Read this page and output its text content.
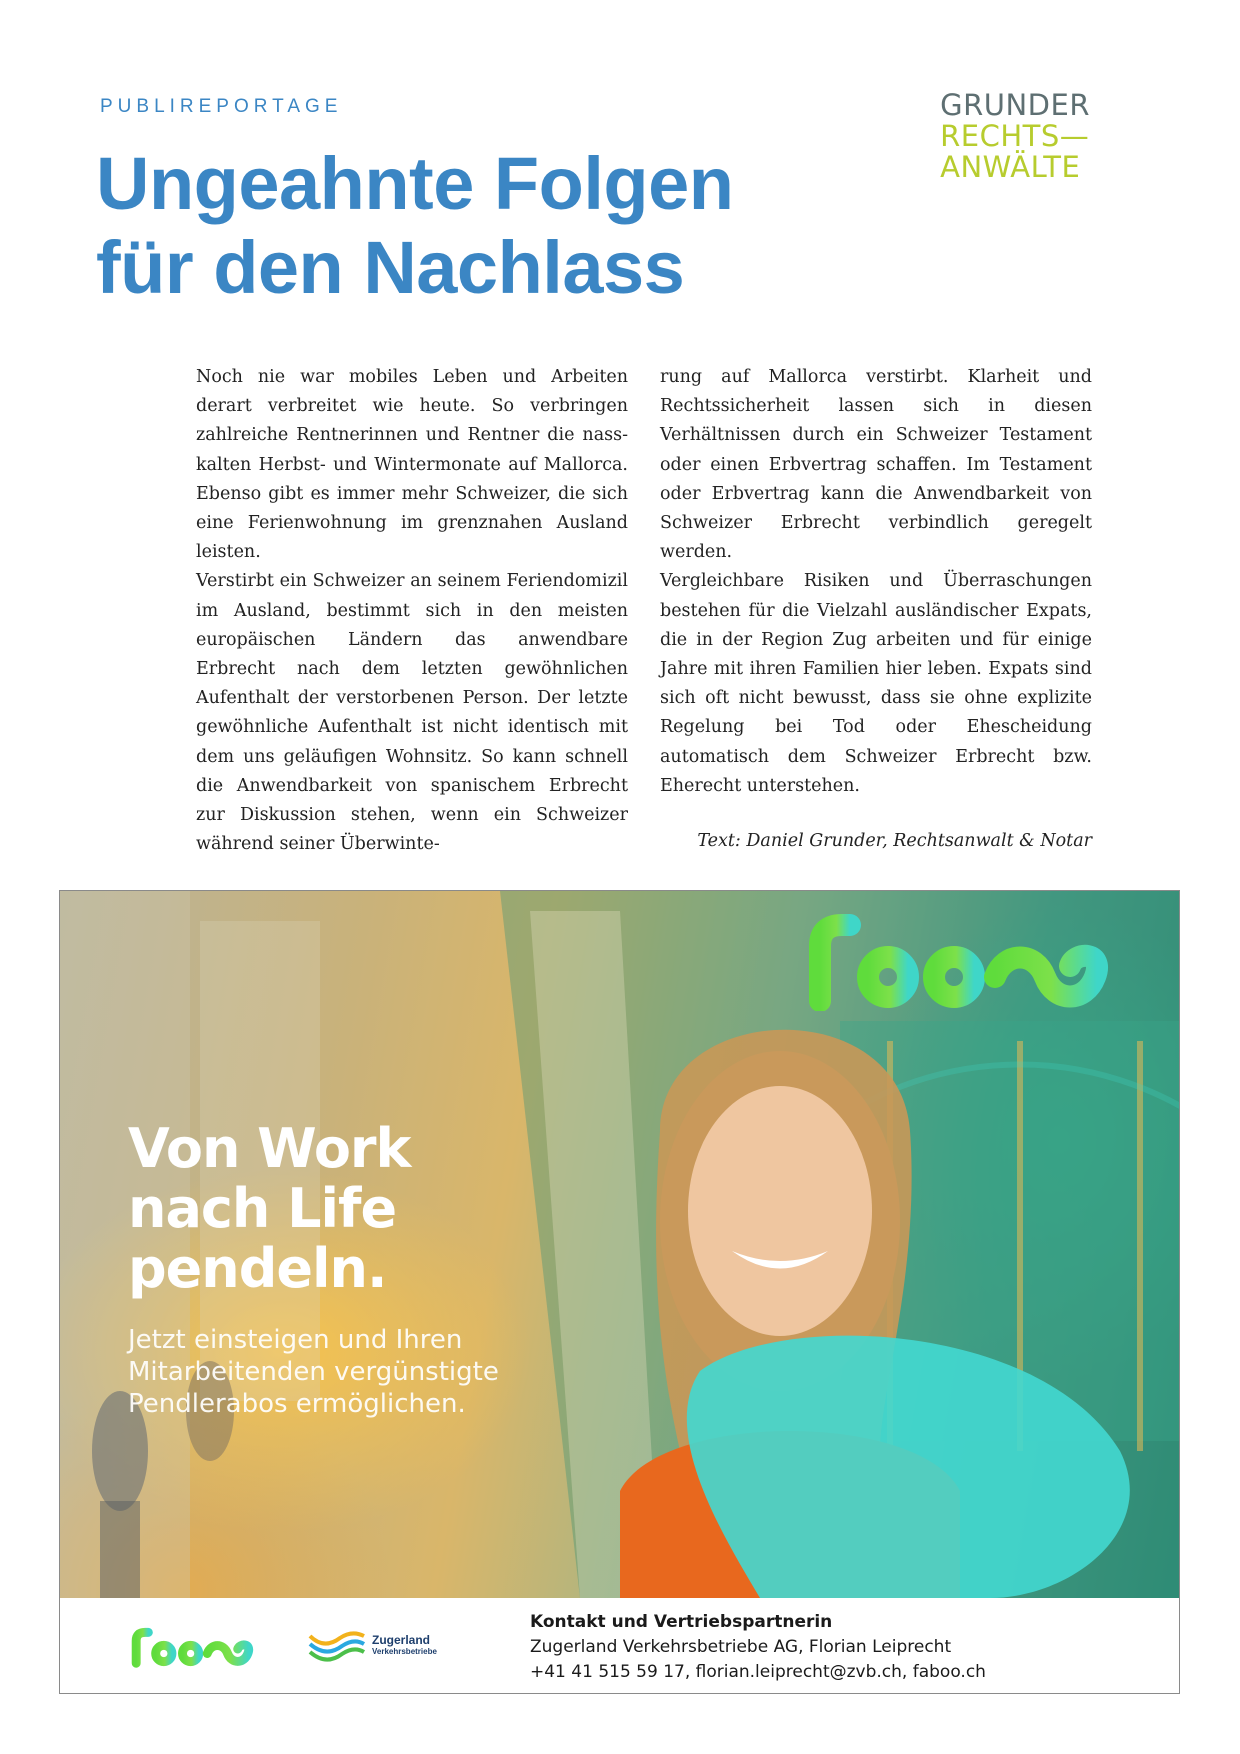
PUBLIREPORTAGE
Ungeahnte Folgen
für den Nachlass
GRUNDER
RECHTS—
ANWÄLTE

Noch nie war mobiles Leben und Arbeiten derart verbreitet wie heute. So verbringen zahlreiche Rentnerinnen und Rentner die nass-kalten Herbst- und Wintermonate auf Mallorca. Ebenso gibt es immer mehr Schweizer, die sich eine Ferienwohnung im grenznahen Ausland leisten.

Verstirbt ein Schweizer an seinem Feriendomizil im Ausland, bestimmt sich in den meisten europäischen Ländern das anwendbare Erbrecht nach dem letzten gewöhnlichen Aufenthalt der verstorbenen Person. Der letzte gewöhnliche Aufenthalt ist nicht identisch mit dem uns geläufigen Wohnsitz. So kann schnell die Anwendbarkeit von spanischem Erbrecht zur Diskussion stehen, wenn ein Schweizer während seiner Überwinte-

rung auf Mallorca verstirbt. Klarheit und Rechtssicherheit lassen sich in diesen Verhältnissen durch ein Schweizer Testament oder einen Erbvertrag schaffen. Im Testament oder Erbvertrag kann die Anwendbarkeit von Schweizer Erbrecht verbindlich geregelt werden.

Vergleichbare Risiken und Überraschungen bestehen für die Vielzahl ausländischer Expats, die in der Region Zug arbeiten und für einige Jahre mit ihren Familien hier leben. Expats sind sich oft nicht bewusst, dass sie ohne explizite Regelung bei Tod oder Ehescheidung automatisch dem Schweizer Erbrecht bzw. Eherecht unterstehen.

Text: Daniel Grunder, Rechtsanwalt & Notar

Von Work
nach Life
pendeln.

Jetzt einsteigen und Ihren
Mitarbeitenden vergünstigte
Pendlerabos ermöglichen.

Zugerland
Verkehrsbetriebe
Kontakt und Vertriebspartnerin
Zugerland Verkehrsbetriebe AG, Florian Leiprecht
+41 41 515 59 17, florian.leiprecht@zvb.ch, faboo.ch
